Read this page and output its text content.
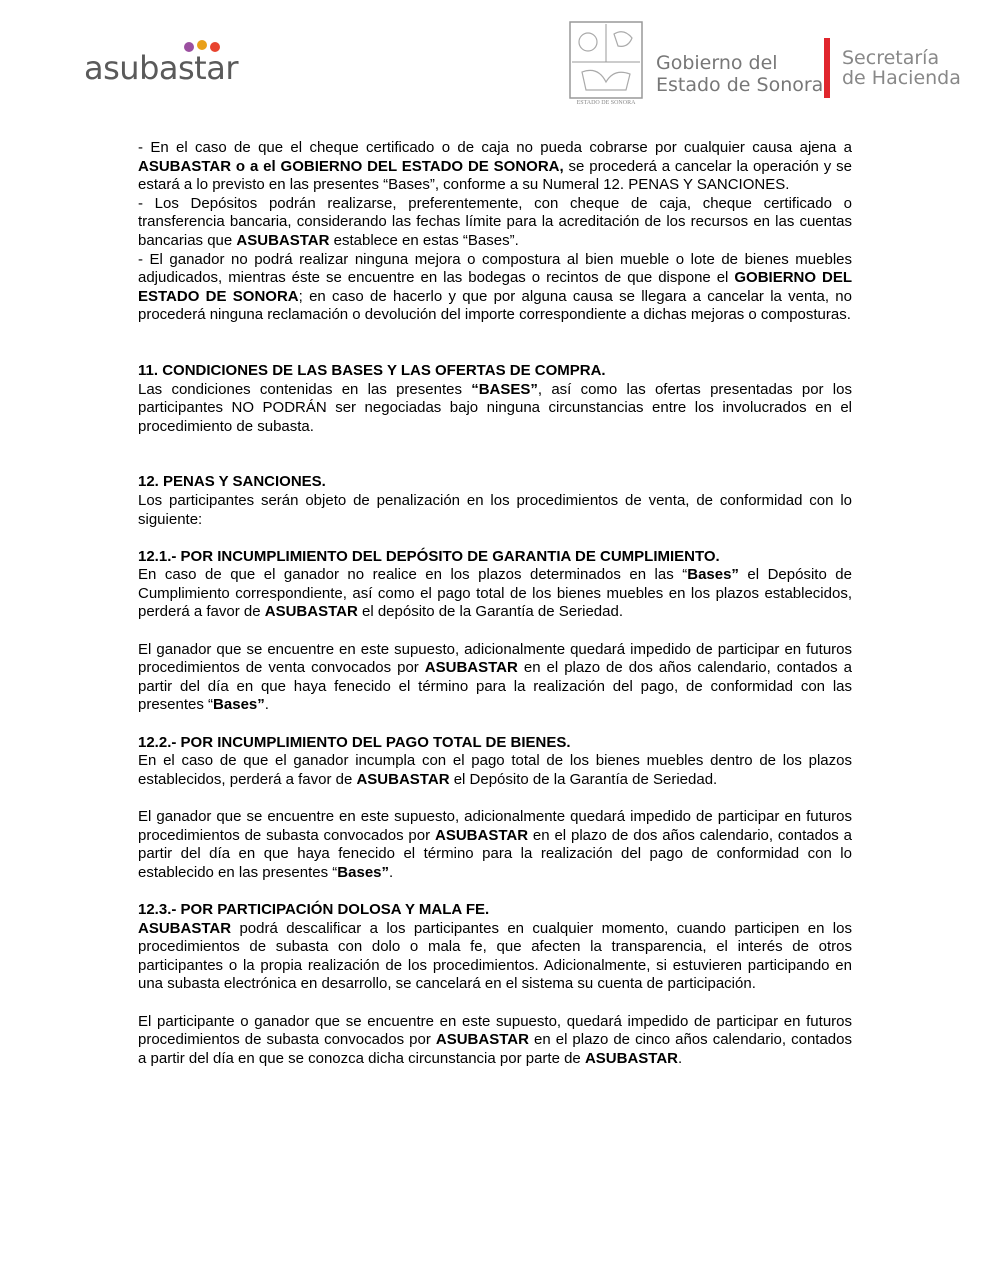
asubastar
ESTADO DE SONORA
Gobierno del
Estado de Sonora
Secretaría
de Hacienda

- En el caso de que el cheque certificado o de caja no pueda cobrarse por cualquier causa ajena a ASUBASTAR o a el GOBIERNO DEL ESTADO DE SONORA, se procederá a cancelar la operación y se estará a lo previsto en las presentes “Bases”, conforme a su Numeral 12. PENAS Y SANCIONES.

- Los Depósitos podrán realizarse, preferentemente, con cheque de caja, cheque certificado o transferencia bancaria, considerando las fechas límite para la acreditación de los recursos en las cuentas bancarias que ASUBASTAR establece en estas “Bases”.

- El ganador no podrá realizar ninguna mejora o compostura al bien mueble o lote de bienes muebles adjudicados, mientras éste se encuentre en las bodegas o recintos de que dispone el GOBIERNO DEL ESTADO DE SONORA; en caso de hacerlo y que por alguna causa se llegara a cancelar la venta, no procederá ninguna reclamación o devolución del importe correspondiente a dichas mejoras o composturas.

11. CONDICIONES DE LAS BASES Y LAS OFERTAS DE COMPRA.

Las condiciones contenidas en las presentes “BASES”, así como las ofertas presentadas por los participantes NO PODRÁN ser negociadas bajo ninguna circunstancias entre los involucrados en el procedimiento de subasta.

12. PENAS Y SANCIONES.

Los participantes serán objeto de penalización en los procedimientos de venta, de conformidad con lo siguiente:

12.1.- POR INCUMPLIMIENTO DEL DEPÓSITO DE GARANTIA DE CUMPLIMIENTO.

En caso de que el ganador no realice en los plazos determinados en las “Bases” el Depósito de Cumplimiento correspondiente, así como el pago total de los bienes muebles en los plazos establecidos, perderá a favor de ASUBASTAR el depósito de la Garantía de Seriedad.

El ganador que se encuentre en este supuesto, adicionalmente quedará impedido de participar en futuros procedimientos de venta convocados por ASUBASTAR en el plazo de dos años calendario, contados a partir del día en que haya fenecido el término para la realización del pago, de conformidad con las presentes “Bases”.

12.2.- POR INCUMPLIMIENTO DEL PAGO TOTAL DE BIENES.

En el caso de que el ganador incumpla con el pago total de los bienes muebles dentro de los plazos establecidos, perderá a favor de ASUBASTAR el Depósito de la Garantía de Seriedad.

El ganador que se encuentre en este supuesto, adicionalmente quedará impedido de participar en futuros procedimientos de subasta convocados por ASUBASTAR en el plazo de dos años calendario, contados a partir del día en que haya fenecido el término para la realización del pago de conformidad con lo establecido en las presentes “Bases”.

12.3.- POR PARTICIPACIÓN DOLOSA Y MALA FE.

ASUBASTAR podrá descalificar a los participantes en cualquier momento, cuando participen en los procedimientos de subasta con dolo o mala fe, que afecten la transparencia, el interés de otros participantes o la propia realización de los procedimientos. Adicionalmente, si estuvieren participando en una subasta electrónica en desarrollo, se cancelará en el sistema su cuenta de participación.

El participante o ganador que se encuentre en este supuesto, quedará impedido de participar en futuros procedimientos de subasta convocados por ASUBASTAR en el plazo de cinco años calendario, contados a partir del día en que se conozca dicha circunstancia por parte de ASUBASTAR.
